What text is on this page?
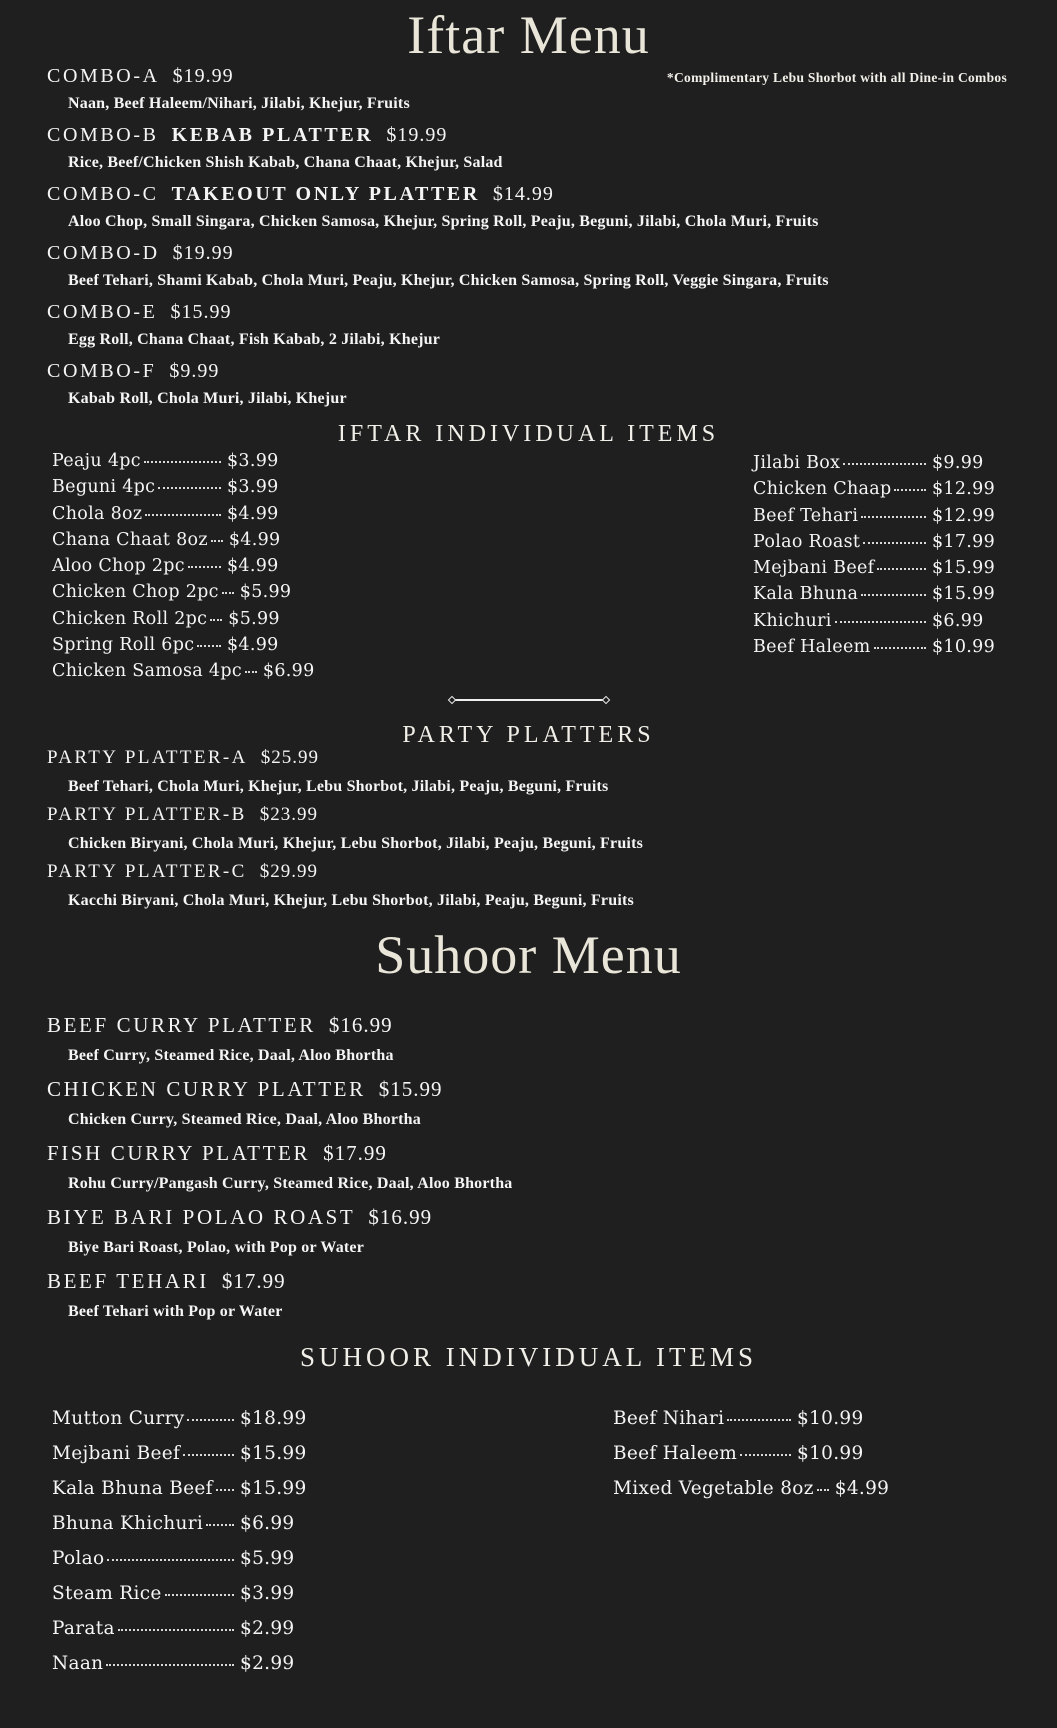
Iftar Menu
*Complimentary Lebu Shorbot with all Dine-in Combos
COMBO-A $19.99
Naan, Beef Haleem/Nihari, Jilabi, Khejur, Fruits
COMBO-B KEBAB PLATTER $19.99
Rice, Beef/Chicken Shish Kabab, Chana Chaat, Khejur, Salad
COMBO-C TAKEOUT ONLY PLATTER $14.99
Aloo Chop, Small Singara, Chicken Samosa, Khejur, Spring Roll, Peaju, Beguni, Jilabi, Chola Muri, Fruits
COMBO-D $19.99
Beef Tehari, Shami Kabab, Chola Muri, Peaju, Khejur, Chicken Samosa, Spring Roll, Veggie Singara, Fruits
COMBO-E $15.99
Egg Roll, Chana Chaat, Fish Kabab, 2 Jilabi, Khejur
COMBO-F $9.99
Kabab Roll, Chola Muri, Jilabi, Khejur
IFTAR INDIVIDUAL ITEMS
Peaju 4pc	$3.99
Beguni 4pc	$3.99
Chola 8oz	$4.99
Chana Chaat 8oz $4.99
Aloo Chop 2pc $4.99
Chicken Chop 2pc $5.99
Chicken Roll 2pc $5.99
Spring Roll 6pc $4.99
Chicken Samosa 4pc $6.99
Jilabi Box	$9.99
Chicken Chaap $12.99
Beef Tehari	$12.99
Polao Roast	$17.99
Mejbani Beef	$15.99
Kala Bhuna	$15.99
Khichuri	$6.99
Beef Haleem	$10.99
PARTY PLATTERS
PARTY PLATTER-A $25.99
Beef Tehari, Chola Muri, Khejur, Lebu Shorbot, Jilabi, Peaju, Beguni, Fruits
PARTY PLATTER-B $23.99
Chicken Biryani, Chola Muri, Khejur, Lebu Shorbot, Jilabi, Peaju, Beguni, Fruits
PARTY PLATTER-C $29.99
Kacchi Biryani, Chola Muri, Khejur, Lebu Shorbot, Jilabi, Peaju, Beguni, Fruits
Suhoor Menu
BEEF CURRY PLATTER $16.99
Beef Curry, Steamed Rice, Daal, Aloo Bhortha
CHICKEN CURRY PLATTER $15.99
Chicken Curry, Steamed Rice, Daal, Aloo Bhortha
FISH CURRY PLATTER $17.99
Rohu Curry/Pangash Curry, Steamed Rice, Daal, Aloo Bhortha
BIYE BARI POLAO ROAST $16.99
Biye Bari Roast, Polao, with Pop or Water
BEEF TEHARI $17.99
Beef Tehari with Pop or Water
SUHOOR INDIVIDUAL ITEMS
Mutton Curry	$18.99
Mejbani Beef	$15.99
Kala Bhuna Beef $15.99
Bhuna Khichuri $6.99
Polao	$5.99
Steam Rice	$3.99
Parata	$2.99
Naan	$2.99
Beef Nihari	$10.99
Beef Haleem	$10.99
Mixed Vegetable 8oz $4.99
